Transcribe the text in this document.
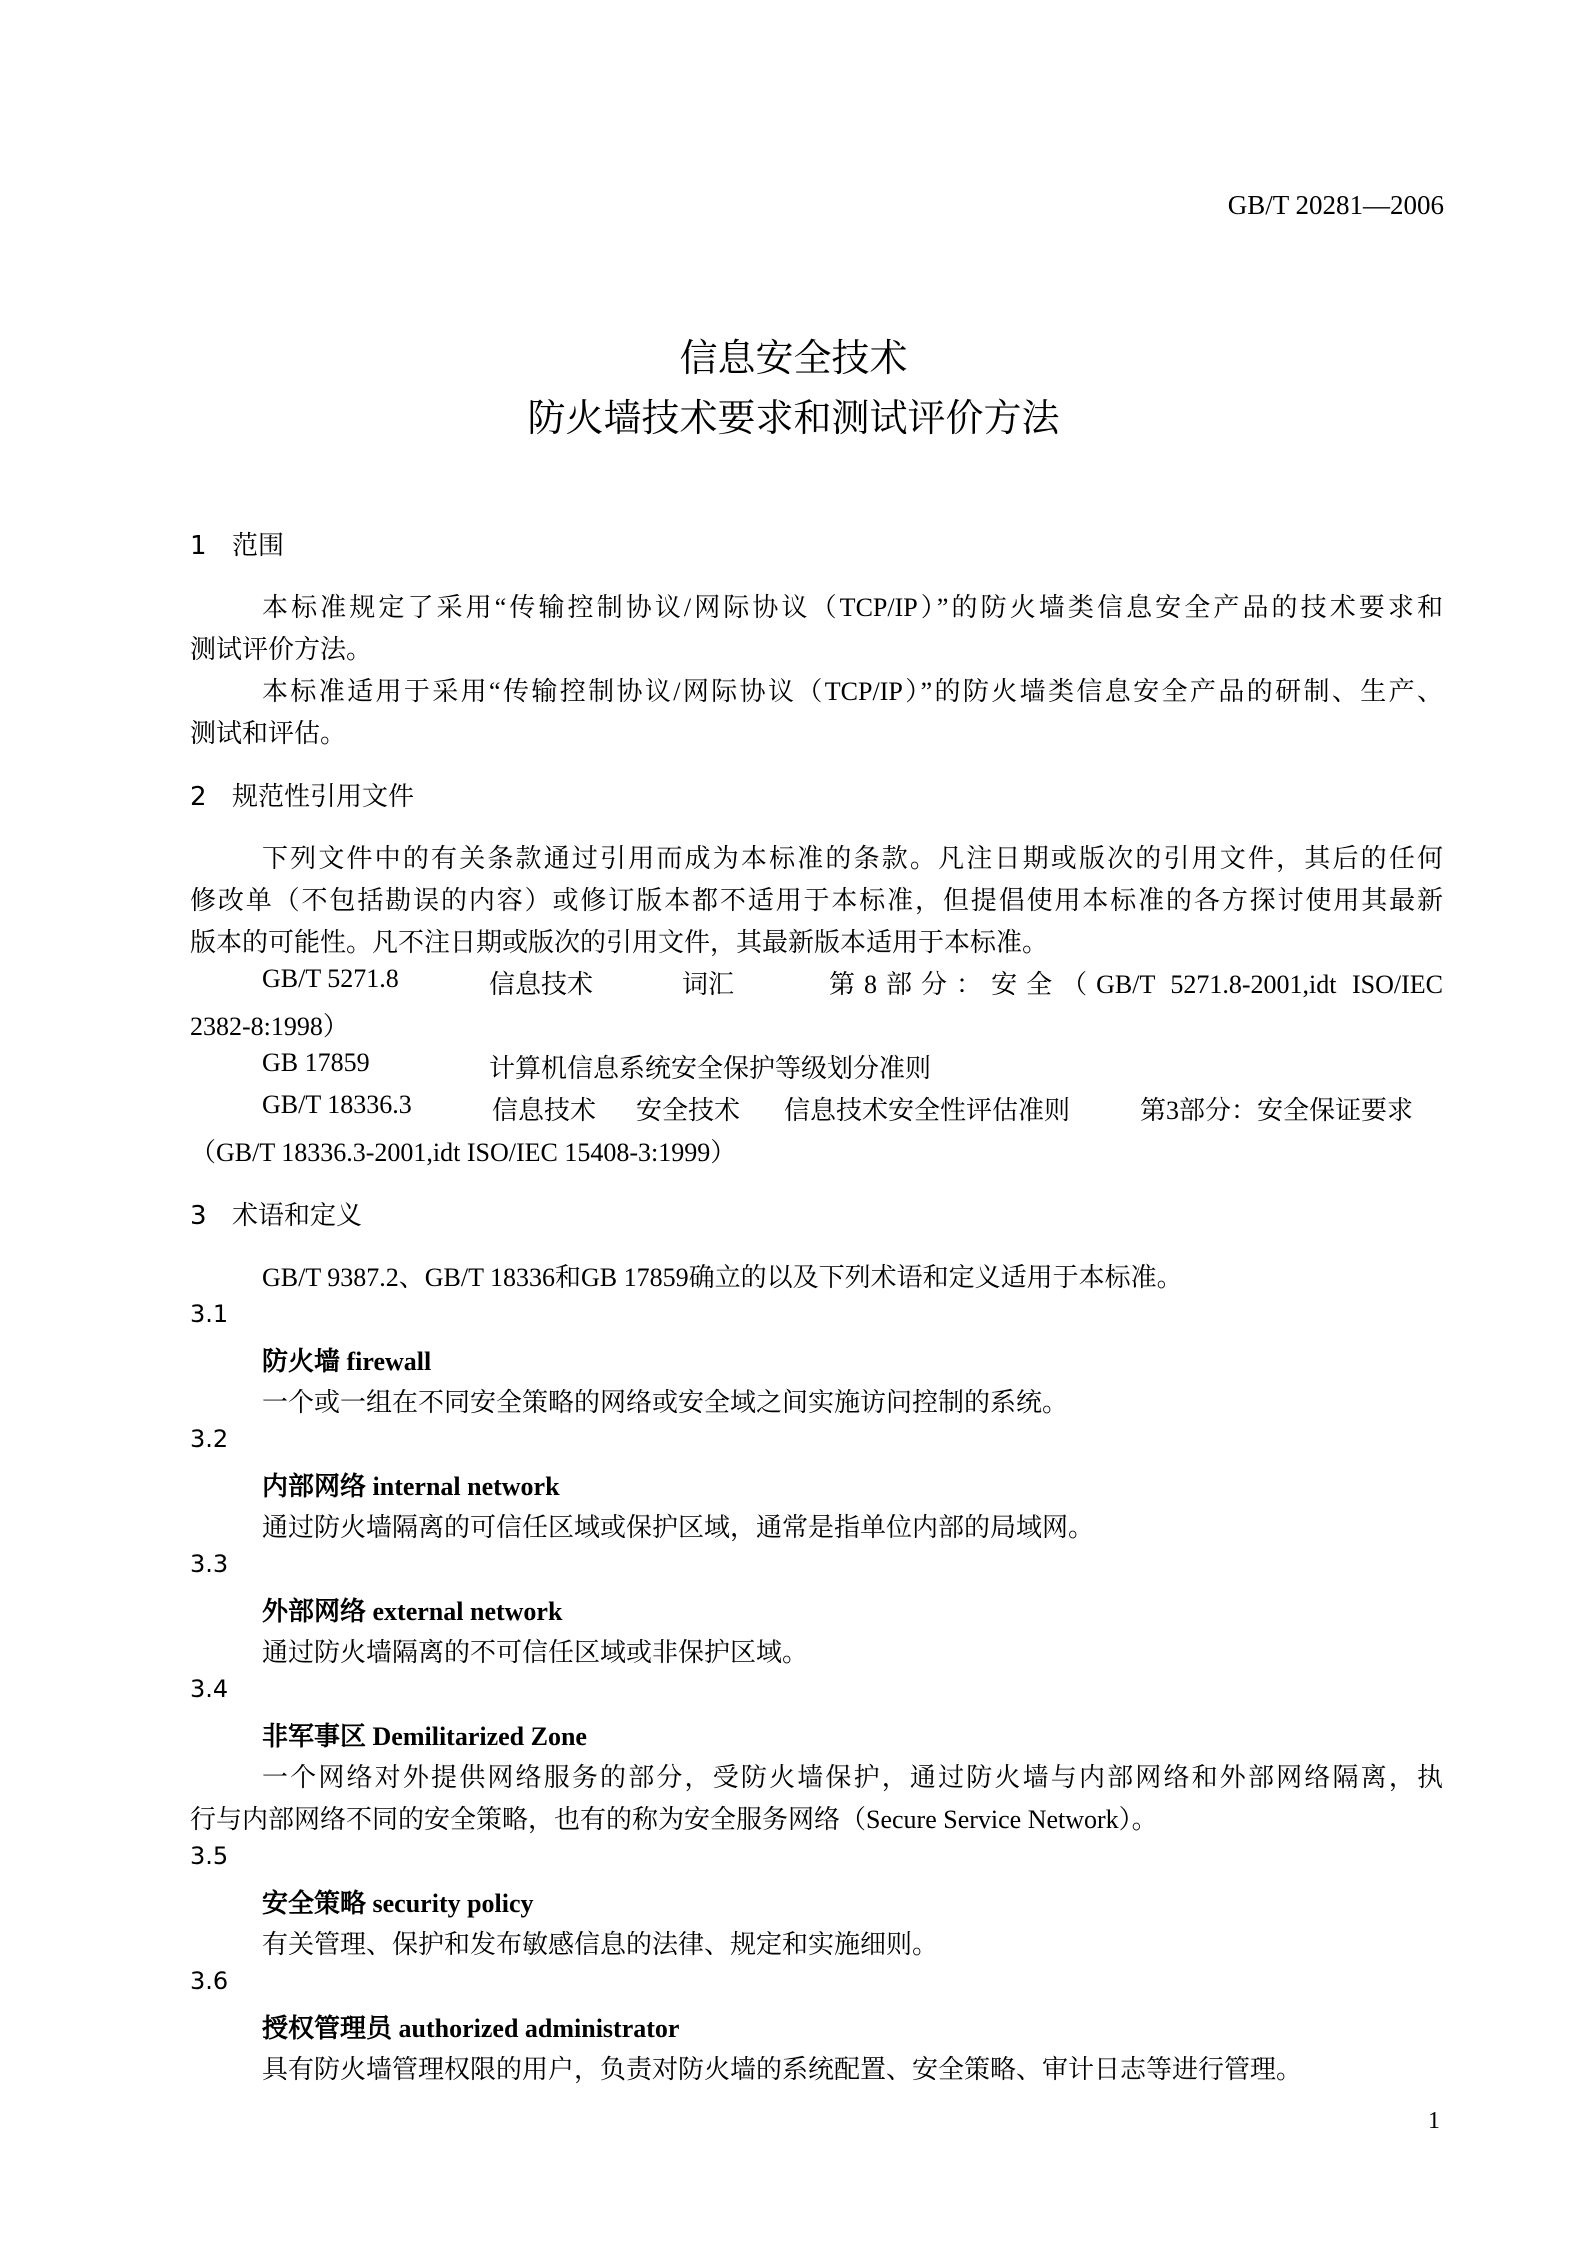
GB/T 20281—2006
信息安全技术
防火墙技术要求和测试评价方法
1 范围
本标准规定了采用“传输控制协议/网际协议（TCP/IP）”的防火墙类信息安全产品的技术要求和
测试评价方法。
本标准适用于采用“传输控制协议/网际协议（TCP/IP）”的防火墙类信息安全产品的研制、生产、
测试和评估。
2 规范性引用文件
下列文件中的有关条款通过引用而成为本标准的条款。凡注日期或版次的引用文件，其后的任何
修改单（不包括勘误的内容）或修订版本都不适用于本标准，但提倡使用本标准的各方探讨使用其最新
版本的可能性。凡不注日期或版次的引用文件，其最新版本适用于本标准。
GB/T 5271.8	信息技术	词汇	第8部分：安全（GB/T 5271.8-2001,idt ISO/IEC
2382-8:1998）
GB 17859	计算机信息系统安全保护等级划分准则
GB/T 18336.3	信息技术 安全技术 信息技术安全性评估准则	第3部分：安全保证要求
（GB/T 18336.3-2001,idt ISO/IEC 15408-3:1999）
3 术语和定义
GB/T 9387.2、GB/T 18336和GB 17859确立的以及下列术语和定义适用于本标准。
3.1
防火墙 firewall
一个或一组在不同安全策略的网络或安全域之间实施访问控制的系统。
3.2
内部网络 internal network
通过防火墙隔离的可信任区域或保护区域，通常是指单位内部的局域网。
3.3
外部网络 external network
通过防火墙隔离的不可信任区域或非保护区域。
3.4
非军事区 Demilitarized Zone
一个网络对外提供网络服务的部分，受防火墙保护，通过防火墙与内部网络和外部网络隔离，执
行与内部网络不同的安全策略，也有的称为安全服务网络（Secure Service Network）。
3.5
安全策略 security policy
有关管理、保护和发布敏感信息的法律、规定和实施细则。
3.6
授权管理员 authorized administrator
具有防火墙管理权限的用户，负责对防火墙的系统配置、安全策略、审计日志等进行管理。
1
